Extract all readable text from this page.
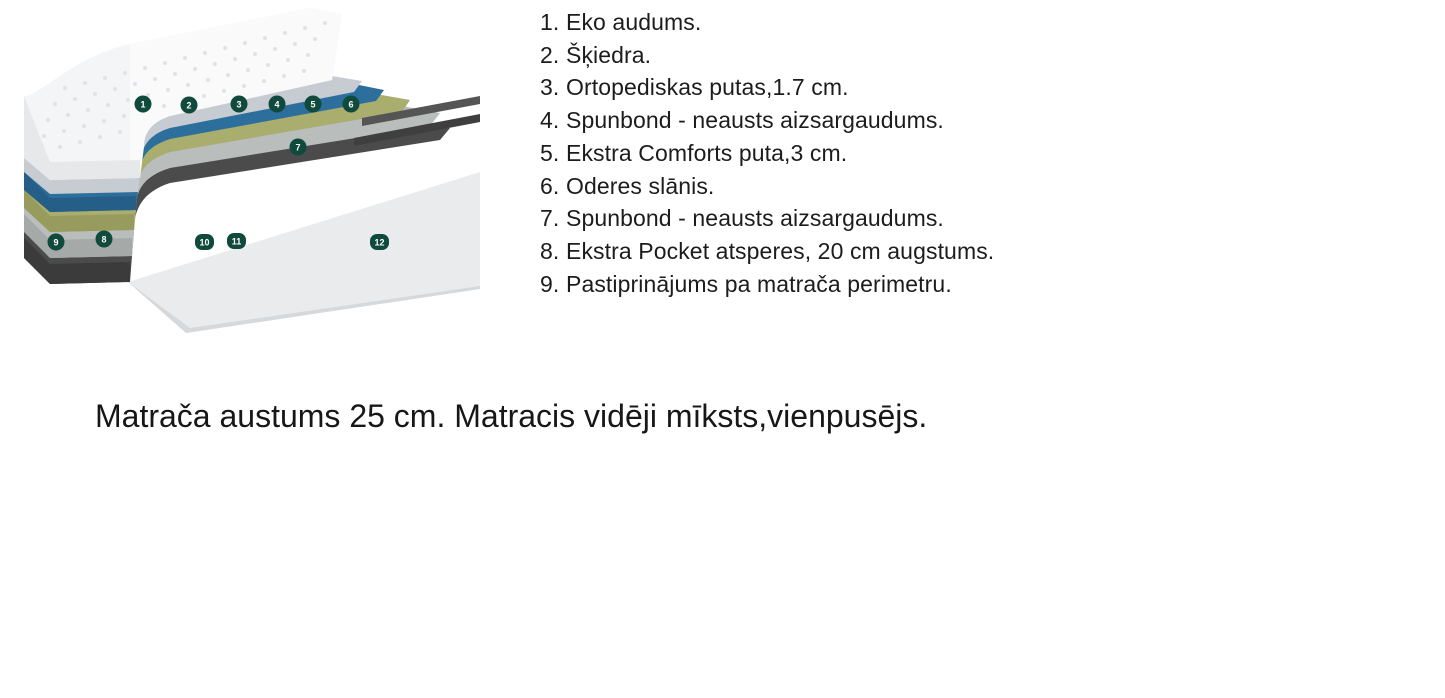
1	2	3	4	5	6
7
8
9	10 11	12
1. Eko audums.
2. Šķiedra.
3. Ortopediskas putas,1.7 cm.
4. Spunbond - neausts aizsargaudums.
5. Ekstra Comforts puta,3 cm.
6. Oderes slānis.
7. Spunbond - neausts aizsargaudums.
8. Ekstra Pocket atsperes, 20 cm augstums.
9. Pastiprinājums pa matrača perimetru.
Matrača austums 25 cm. Matracis vidēji mīksts,vienpusējs.
